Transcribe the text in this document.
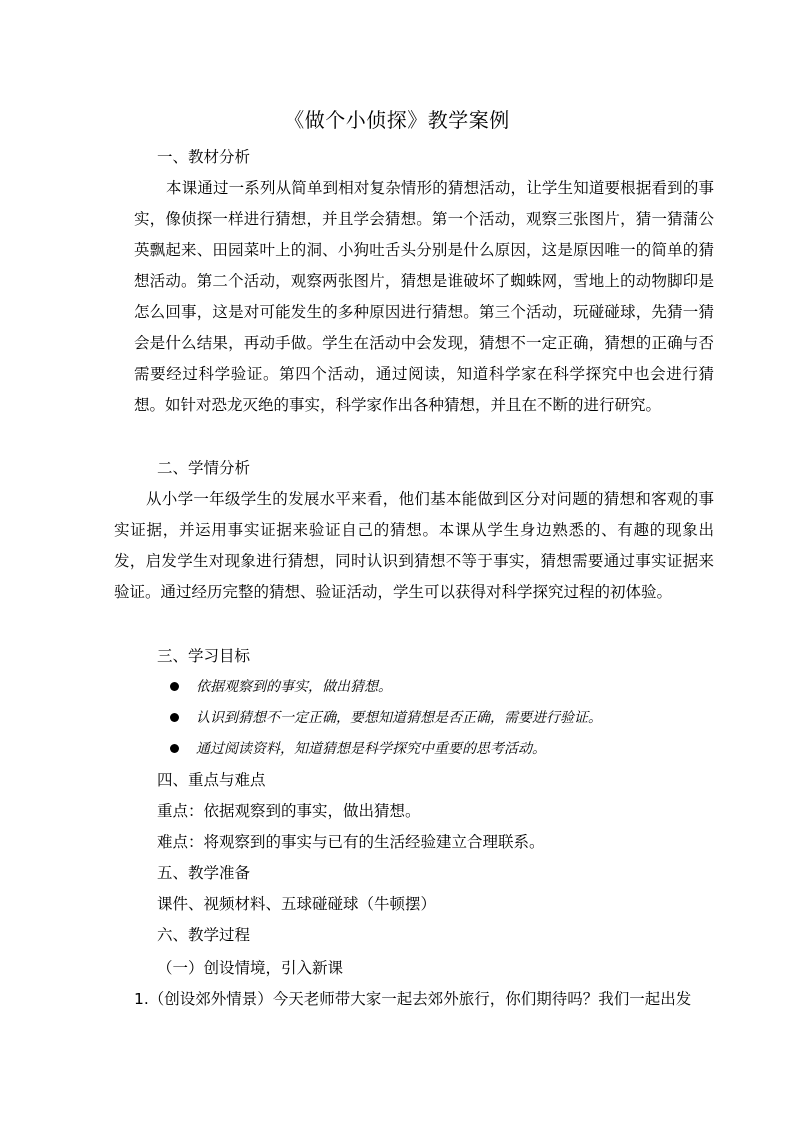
《做个小侦探》教学案例
一、教材分析

本课通过一系列从简单到相对复杂情形的猜想活动，让学生知道要根据看到的事实，像侦探一样进行猜想，并且学会猜想。第一个活动，观察三张图片，猜一猜蒲公英飘起来、田园菜叶上的洞、小狗吐舌头分别是什么原因，这是原因唯一的简单的猜想活动。第二个活动，观察两张图片，猜想是谁破坏了蜘蛛网，雪地上的动物脚印是怎么回事，这是对可能发生的多种原因进行猜想。第三个活动，玩碰碰球，先猜一猜会是什么结果，再动手做。学生在活动中会发现，猜想不一定正确，猜想的正确与否需要经过科学验证。第四个活动，通过阅读，知道科学家在科学探究中也会进行猜想。如针对恐龙灭绝的事实，科学家作出各种猜想，并且在不断的进行研究。

二、学情分析

从小学一年级学生的发展水平来看，他们基本能做到区分对问题的猜想和客观的事实证据，并运用事实证据来验证自己的猜想。本课从学生身边熟悉的、有趣的现象出发，启发学生对现象进行猜想，同时认识到猜想不等于事实，猜想需要通过事实证据来验证。通过经历完整的猜想、验证活动，学生可以获得对科学探究过程的初体验。

三、学习目标
依据观察到的事实，做出猜想。
认识到猜想不一定正确，要想知道猜想是否正确，需要进行验证。
通过阅读资料，知道猜想是科学探究中重要的思考活动。
四、重点与难点
重点：依据观察到的事实，做出猜想。
难点：将观察到的事实与已有的生活经验建立合理联系。
五、教学准备
课件、视频材料、五球碰碰球（牛顿摆）
六、教学过程
（一）创设情境，引入新课
1.（创设郊外情景）今天老师带大家一起去郊外旅行，你们期待吗？我们一起出发
